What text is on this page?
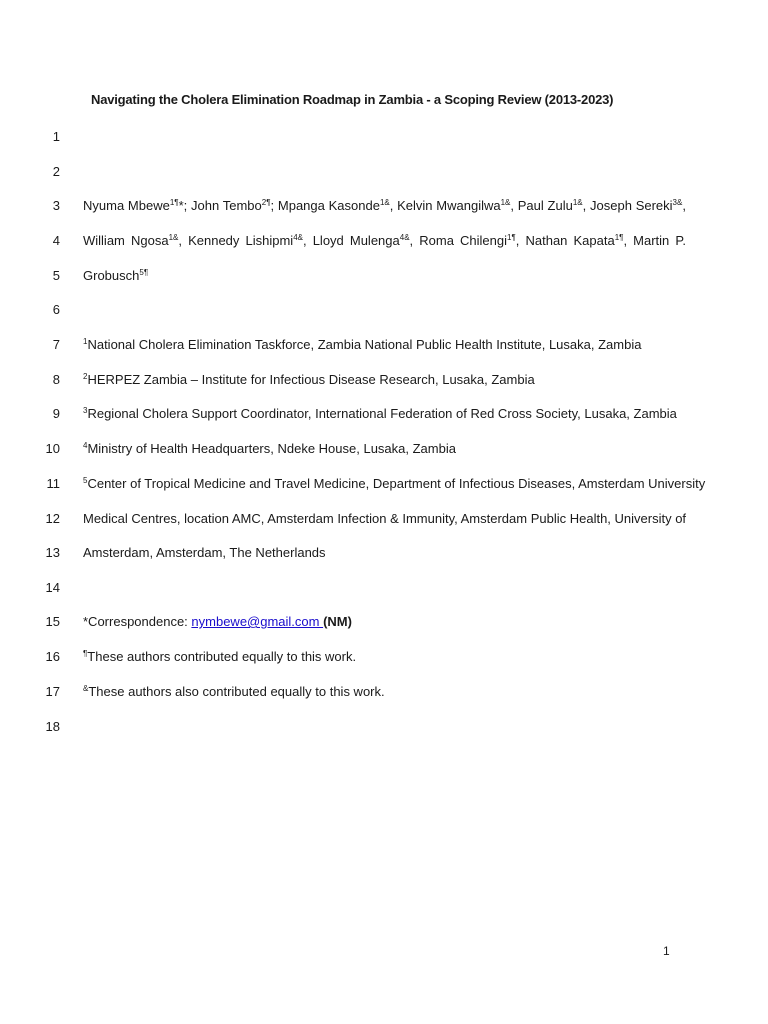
Navigating the Cholera Elimination Roadmap in Zambia - a Scoping Review (2013-2023)
1
2
3
4
5
6
7
8
9
10
11
12
13
14
15
16
17
18
Nyuma Mbewe$^{1\P}$*; John Tembo$^{2\P}$; Mpanga Kasonde$^{1\&}$, Kelvin Mwangilwa$^{1\&}$, Paul Zulu$^{1\&}$, Joseph Sereki$^{3\&}$,
William Ngosa$^{1\&}$, Kennedy Lishipmi$^{4\&}$, Lloyd Mulenga$^{4\&}$, Roma Chilengi$^{1\P}$, Nathan Kapata$^{1\P}$, Martin P.
Grobusch$^{5\P}$
$^1$National Cholera Elimination Taskforce, Zambia National Public Health Institute, Lusaka, Zambia
$^2$HERPEZ Zambia – Institute for Infectious Disease Research, Lusaka, Zambia
$^3$Regional Cholera Support Coordinator, International Federation of Red Cross Society, Lusaka, Zambia
$^4$Ministry of Health Headquarters, Ndeke House, Lusaka, Zambia
$^5$Center of Tropical Medicine and Travel Medicine, Department of Infectious Diseases, Amsterdam University
Medical Centres, location AMC, Amsterdam Infection & Immunity, Amsterdam Public Health, University of
Amsterdam, Amsterdam, The Netherlands
*Correspondence: nymbewe@gmail.com (NM)
¶These authors contributed equally to this work.
&These authors also contributed equally to this work.
1
